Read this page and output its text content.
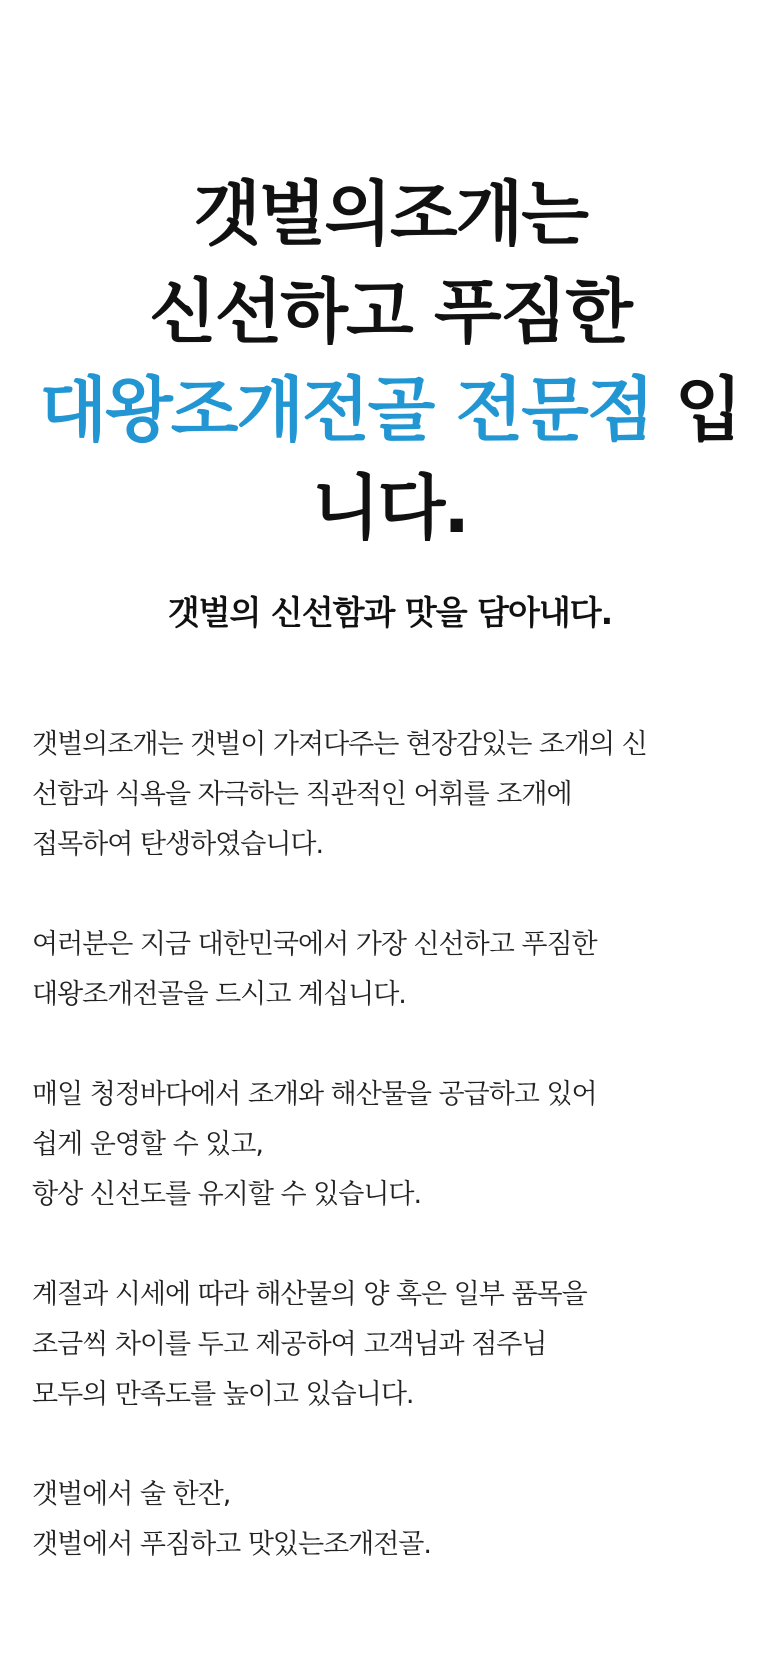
갯벌의조개는
신선하고 푸짐한
대왕조개전골 전문점 입
니다.
갯벌의 신선함과 맛을 담아내다.

갯벌의조개는 갯벌이 가져다주는 현장감있는 조개의 신
선함과 식욕을 자극하는 직관적인 어휘를 조개에
접목하여 탄생하였습니다.

여러분은 지금 대한민국에서 가장 신선하고 푸짐한
대왕조개전골을 드시고 계십니다.

매일 청정바다에서 조개와 해산물을 공급하고 있어
쉽게 운영할 수 있고,
항상 신선도를 유지할 수 있습니다.

계절과 시세에 따라 해산물의 양 혹은 일부 품목을
조금씩 차이를 두고 제공하여 고객님과 점주님
모두의 만족도를 높이고 있습니다.

갯벌에서 술 한잔,
갯벌에서 푸짐하고 맛있는조개전골.
